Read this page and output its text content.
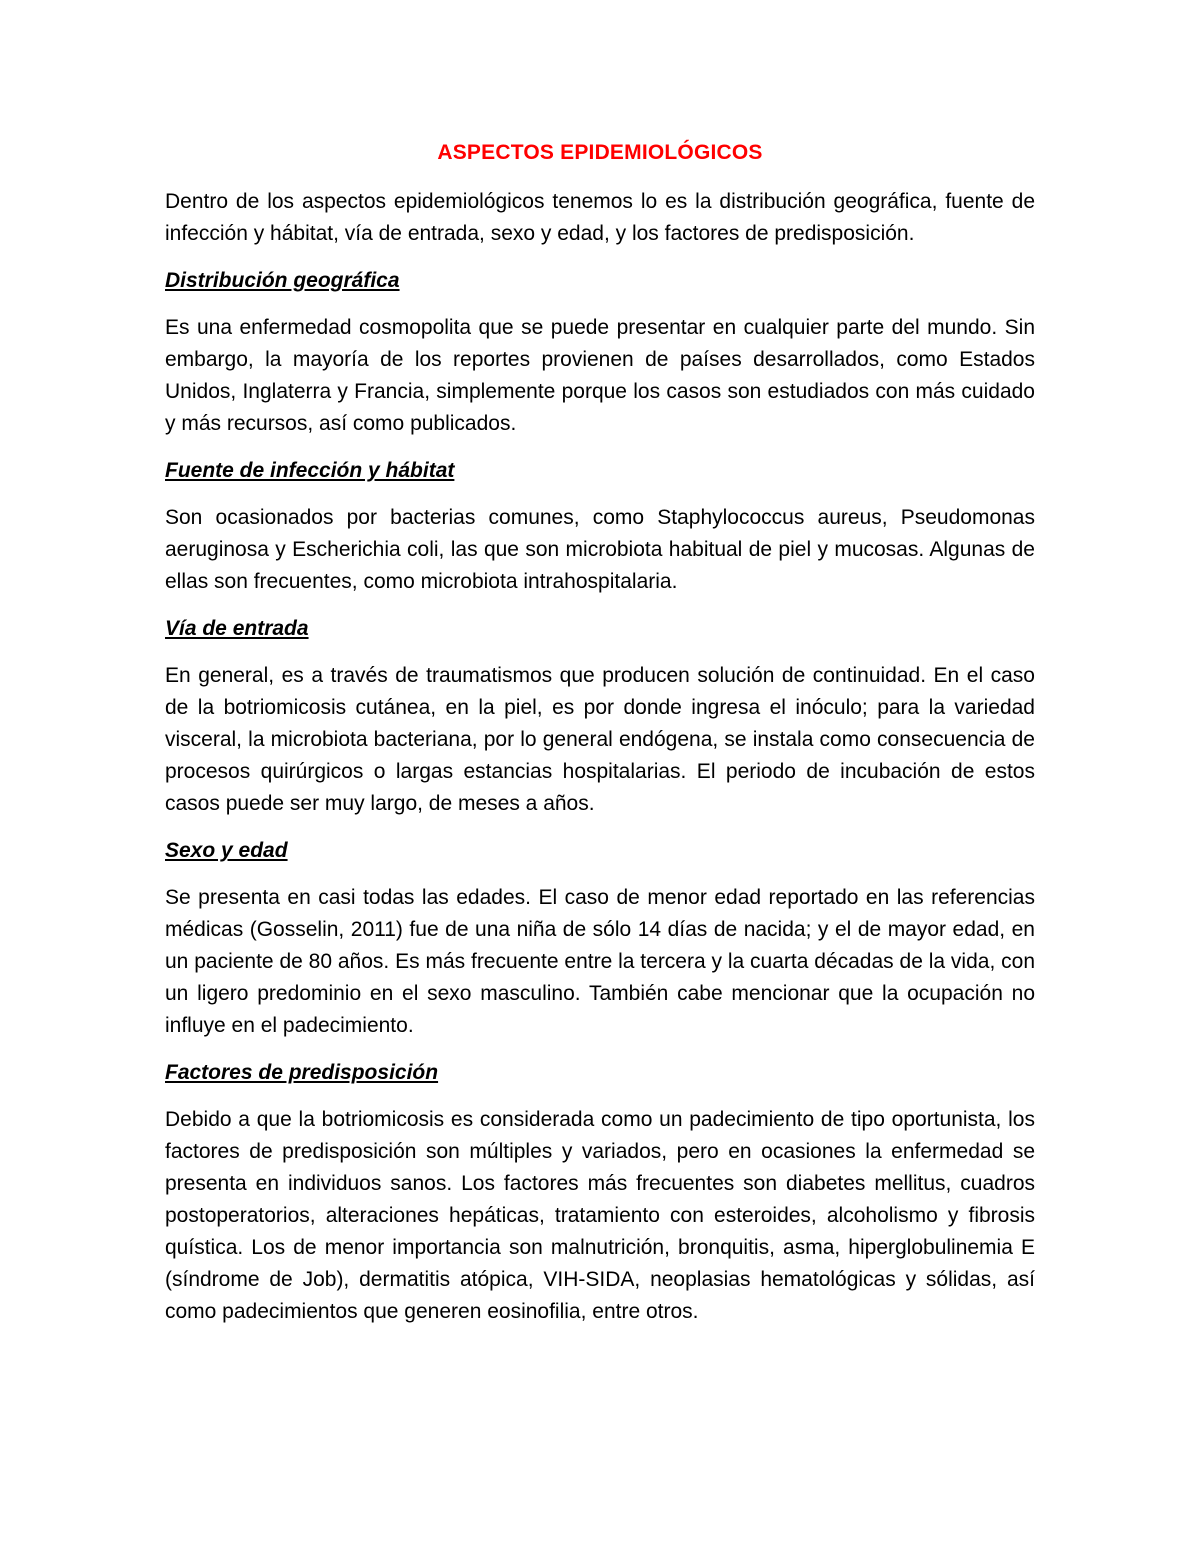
ASPECTOS EPIDEMIOLÓGICOS

Dentro de los aspectos epidemiológicos tenemos lo es la distribución geográfica, fuente de infección y hábitat, vía de entrada, sexo y edad, y los factores de predisposición.

Distribución geográfica

Es una enfermedad cosmopolita que se puede presentar en cualquier parte del mundo. Sin embargo, la mayoría de los reportes provienen de países desarrollados, como Estados Unidos, Inglaterra y Francia, simplemente porque los casos son estudiados con más cuidado y más recursos, así como publicados.

Fuente de infección y hábitat

Son ocasionados por bacterias comunes, como Staphylococcus aureus, Pseudomonas aeruginosa y Escherichia coli, las que son microbiota habitual de piel y mucosas. Algunas de ellas son frecuentes, como microbiota intrahospitalaria.

Vía de entrada

En general, es a través de traumatismos que producen solución de continuidad. En el caso de la botriomicosis cutánea, en la piel, es por donde ingresa el inóculo; para la variedad visceral, la microbiota bacteriana, por lo general endógena, se instala como consecuencia de procesos quirúrgicos o largas estancias hospitalarias. El periodo de incubación de estos casos puede ser muy largo, de meses a años.

Sexo y edad

Se presenta en casi todas las edades. El caso de menor edad reportado en las referencias médicas (Gosselin, 2011) fue de una niña de sólo 14 días de nacida; y el de mayor edad, en un paciente de 80 años. Es más frecuente entre la tercera y la cuarta décadas de la vida, con un ligero predominio en el sexo masculino. También cabe mencionar que la ocupación no influye en el padecimiento.

Factores de predisposición

Debido a que la botriomicosis es considerada como un padecimiento de tipo oportunista, los factores de predisposición son múltiples y variados, pero en ocasiones la enfermedad se presenta en individuos sanos. Los factores más frecuentes son diabetes mellitus, cuadros postoperatorios, alteraciones hepáticas, tratamiento con esteroides, alcoholismo y fibrosis quística. Los de menor importancia son malnutrición, bronquitis, asma, hiperglobulinemia E (síndrome de Job), dermatitis atópica, VIH-SIDA, neoplasias hematológicas y sólidas, así como padecimientos que generen eosinofilia, entre otros.
